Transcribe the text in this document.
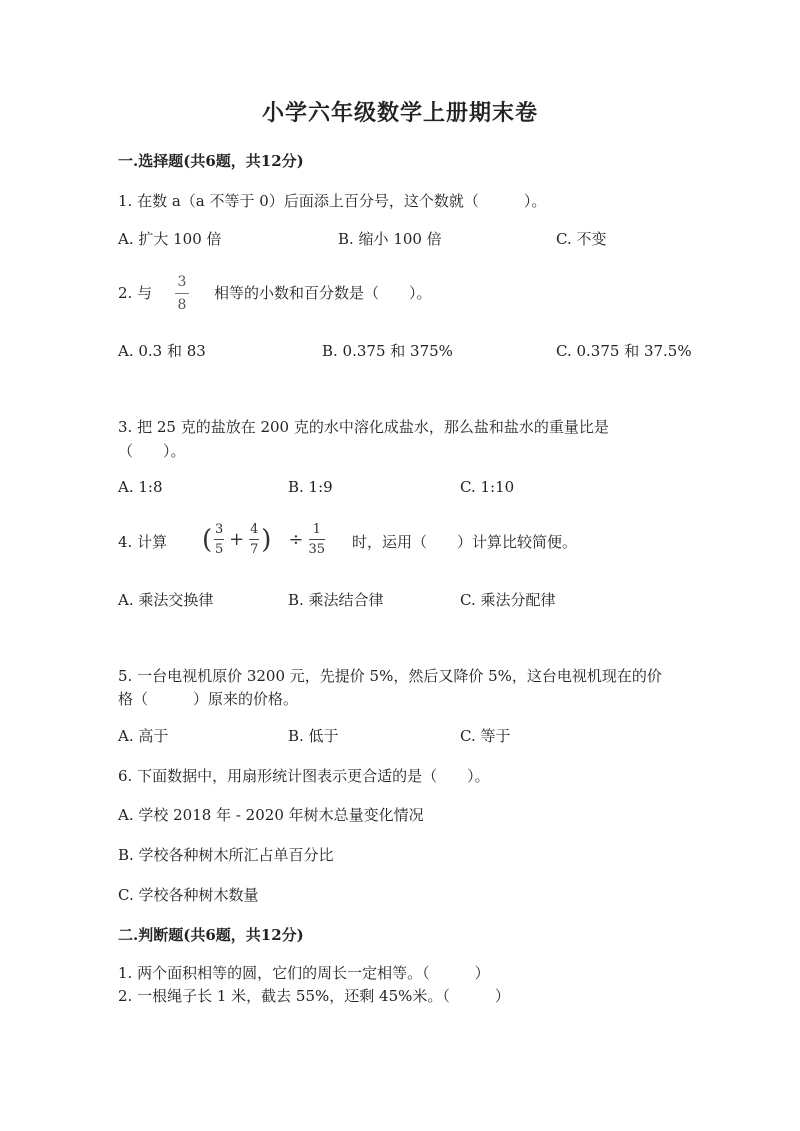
小学六年级数学上册期末卷
一.选择题(共6题，共12分)
1. 在数 a（a 不等于 0）后面添上百分号，这个数就（　　　）。
A. 扩大 100 倍	B. 缩小 100 倍	C. 不变
2. 与
3
8
相等的小数和百分数是（　　）。
A. 0.3 和 83	B. 0.375 和 375%	C. 0.375 和 37.5%
3. 把 25 克的盐放在 200 克的水中溶化成盐水，那么盐和盐水的重量比是
（　　）。
A. 1:8	B. 1:9	C. 1:10
4. 计算 ( 3
5 + 4
7 ) ÷ 1
35 时，运用（　　）计算比较简便。
A. 乘法交换律	B. 乘法结合律	C. 乘法分配律
5. 一台电视机原价 3200 元，先提价 5%，然后又降价 5%，这台电视机现在的价
格（　　　）原来的价格。
A. 高于	B. 低于	C. 等于
6. 下面数据中，用扇形统计图表示更合适的是（　　）。
A. 学校 2018 年 - 2020 年树木总量变化情况
B. 学校各种树木所汇占单百分比
C. 学校各种树木数量
二.判断题(共6题，共12分)
1. 两个面积相等的圆，它们的周长一定相等。（　　　）
2. 一根绳子长 1 米，截去 55%，还剩 45%米。（　　　）
